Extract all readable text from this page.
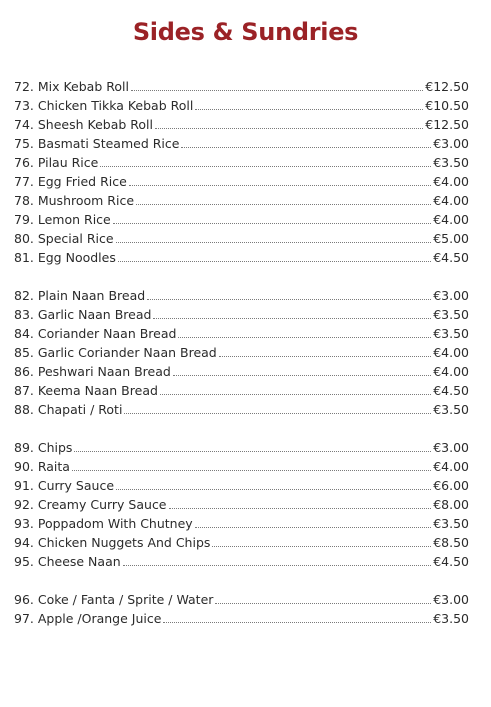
Sides & Sundries
72. Mix Kebab Roll	€12.50
73. Chicken Tikka Kebab Roll	€10.50
74. Sheesh Kebab Roll	€12.50
75. Basmati Steamed Rice	€3.00
76. Pilau Rice	€3.50
77. Egg Fried Rice	€4.00
78. Mushroom Rice	€4.00
79. Lemon Rice	€4.00
80. Special Rice	€5.00
81. Egg Noodles	€4.50
82. Plain Naan Bread	€3.00
83. Garlic Naan Bread	€3.50
84. Coriander Naan Bread	€3.50
85. Garlic Coriander Naan Bread	€4.00
86. Peshwari Naan Bread	€4.00
87. Keema Naan Bread	€4.50
88. Chapati / Roti	€3.50
89. Chips	€3.00
90. Raita	€4.00
91. Curry Sauce	€6.00
92. Creamy Curry Sauce	€8.00
93. Poppadom With Chutney	€3.50
94. Chicken Nuggets And Chips	€8.50
95. Cheese Naan	€4.50
96. Coke / Fanta / Sprite / Water	€3.00
97. Apple /Orange Juice	€3.50
